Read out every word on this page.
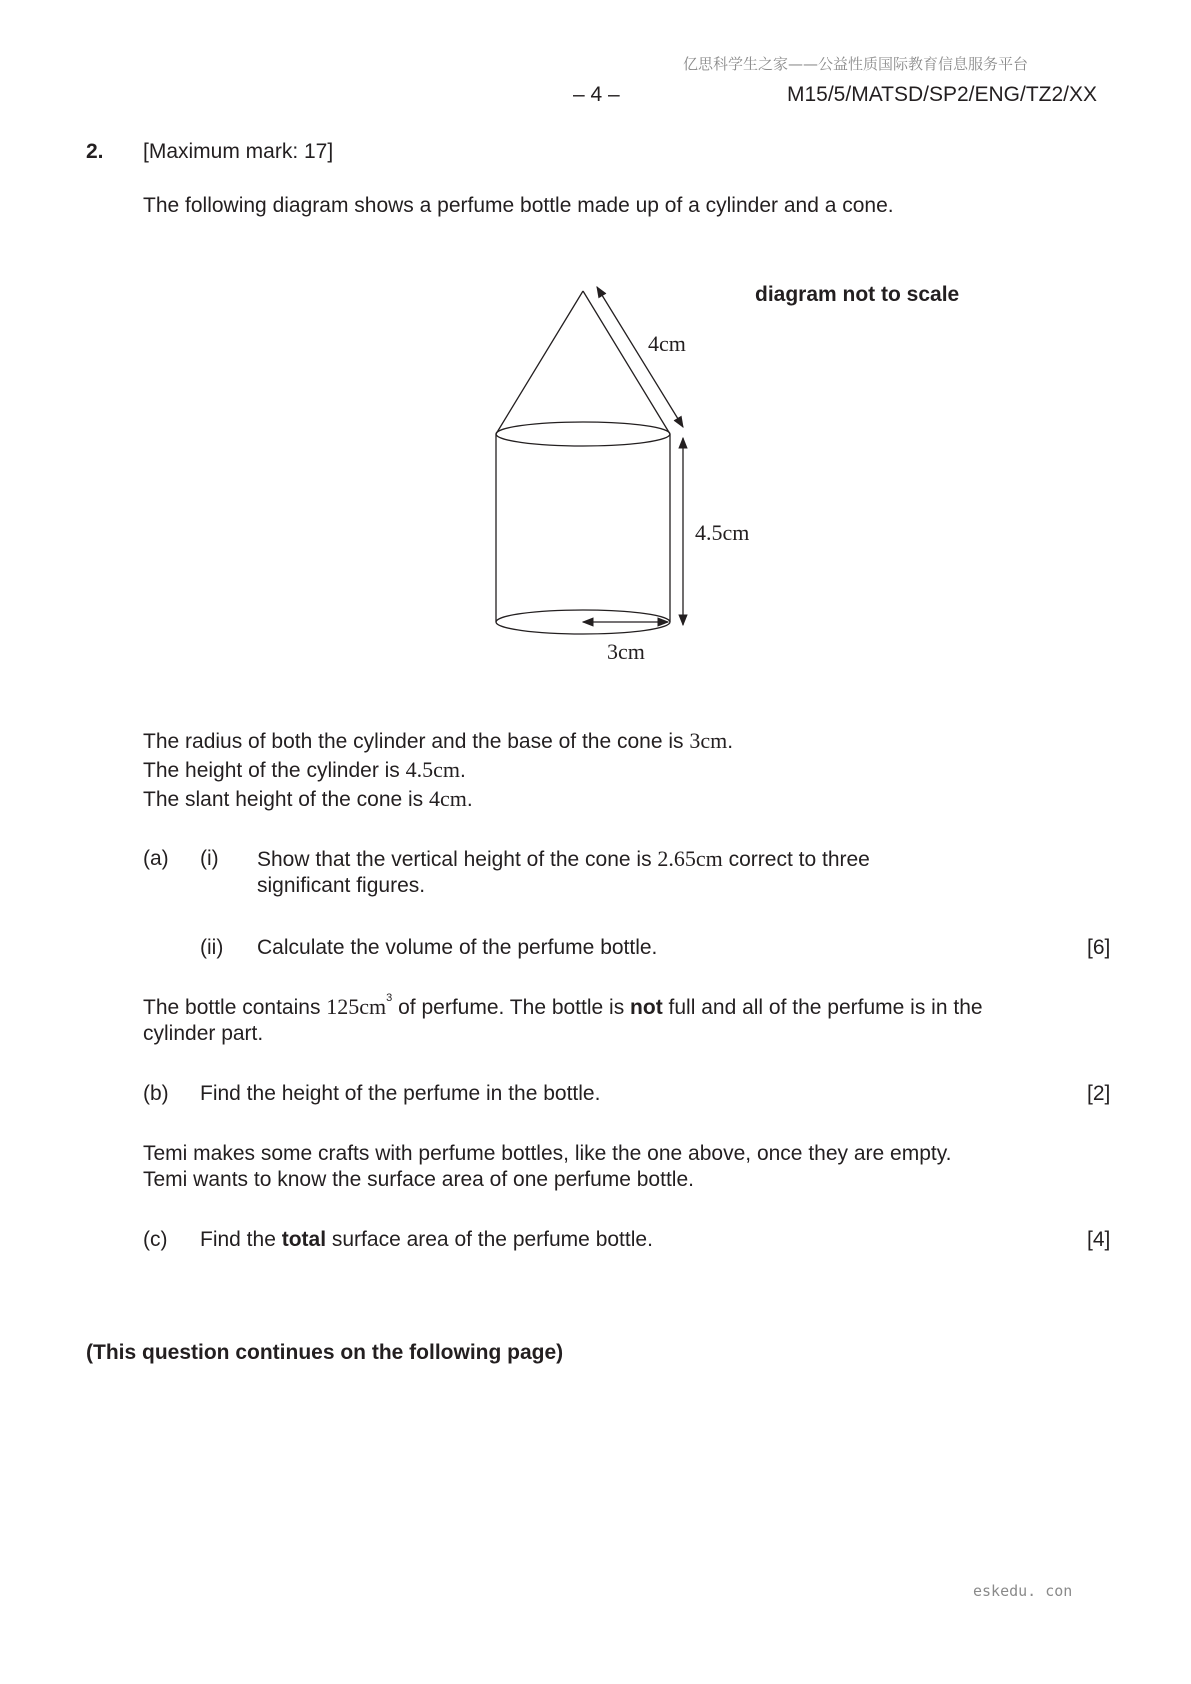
亿思科学生之家——公益性质国际教育信息服务平台
– 4 –	M15/5/MATSD/SP2/ENG/TZ2/XX
2. [Maximum mark: 17]
The following diagram shows a perfume bottle made up of a cylinder and a cone.
diagram not to scale
4cm
4.5cm
3cm
The radius of both the cylinder and the base of the cone is 3cm.
The height of the cylinder is 4.5cm.
The slant height of the cone is 4cm.
(a) (i) Show that the vertical height of the cone is 2.65cm correct to three
significant figures.
(ii) Calculate the volume of the perfume bottle.	[6]
The bottle contains $125cm^3$ of perfume. The bottle is not full and all of the perfume is in the
cylinder part.
(b) Find the height of the perfume in the bottle.	[2]
Temi makes some crafts with perfume bottles, like the one above, once they are empty.
Temi wants to know the surface area of one perfume bottle.
(c) Find the total surface area of the perfume bottle.	[4]
(This question continues on the following page)
eskedu. con
